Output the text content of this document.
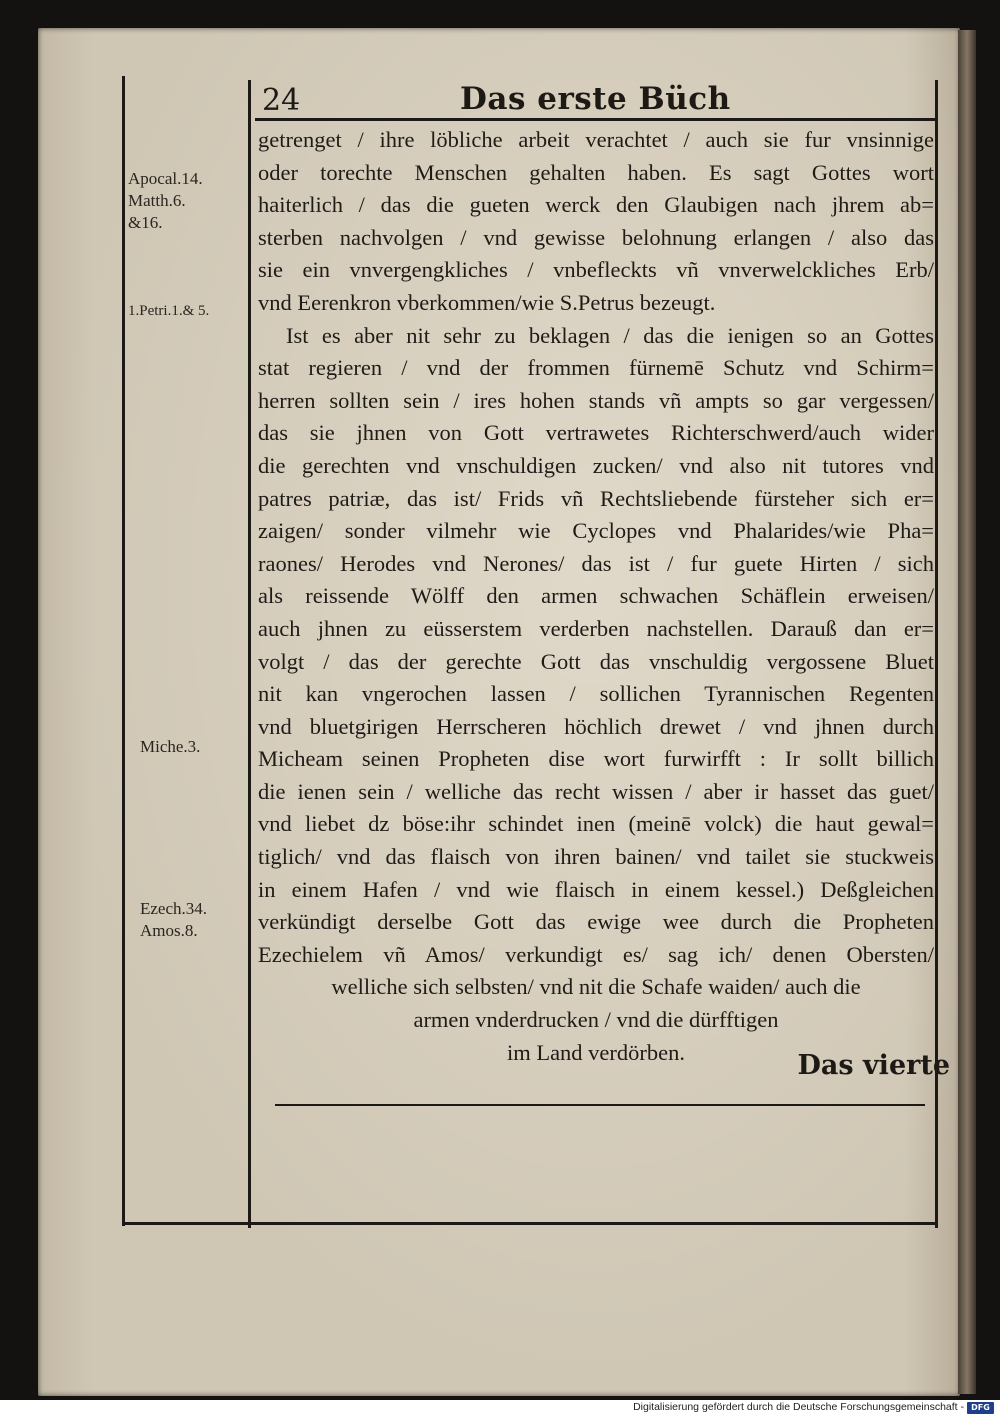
24	Das erste Büch
Apocal.14.
Matth.6.
&16.
1.Petri.1.& 5.
Miche.3.
Ezech.34.
Amos.8.
getrenget / ihre löbliche arbeit verachtet / auch sie fur vnsinnige
oder torechte Menschen gehalten haben. Es sagt Gottes wort
haiterlich / das die gueten werck den Glaubigen nach jhrem ab=
sterben nachvolgen / vnd gewisse belohnung erlangen / also das
sie ein vnvergengkliches / vnbefleckts vñ vnverwelckliches Erb/
vnd Eerenkron vberkommen/wie S.Petrus bezeugt.
Ist es aber nit sehr zu beklagen / das die ienigen so an Gottes
stat regieren / vnd der frommen fürnemē Schutz vnd Schirm=
herren sollten sein / ires hohen stands vñ ampts so gar vergessen/
das sie jhnen von Gott vertrawetes Richterschwerd/auch wider
die gerechten vnd vnschuldigen zucken/ vnd also nit tutores vnd
patres patriæ, das ist/ Frids vñ Rechtsliebende fürsteher sich er=
zaigen/ sonder vilmehr wie Cyclopes vnd Phalarides/wie Pha=
raones/ Herodes vnd Nerones/ das ist / fur guete Hirten / sich
als reissende Wölff den armen schwachen Schäflein erweisen/
auch jhnen zu eüsserstem verderben nachstellen. Darauß dan er=
volgt / das der gerechte Gott das vnschuldig vergossene Bluet
nit kan vngerochen lassen / sollichen Tyrannischen Regenten
vnd bluetgirigen Herrscheren höchlich drewet / vnd jhnen durch
Micheam seinen Propheten dise wort furwirfft : Ir sollt billich
die ienen sein / welliche das recht wissen / aber ir hasset das guet/
vnd liebet dz böse:ihr schindet inen (meinē volck) die haut gewal=
tiglich/ vnd das flaisch von ihren bainen/ vnd tailet sie stuckweis
in einem Hafen / vnd wie flaisch in einem kessel.) Deßgleichen
verkündigt derselbe Gott das ewige wee durch die Propheten
Ezechielem vñ Amos/ verkundigt es/ sag ich/ denen Obersten/
welliche sich selbsten/ vnd nit die Schafe waiden/ auch die
armen vnderdrucken / vnd die dürfftigen
im Land verdörben.	Das vierte
Digitalisierung gefördert durch die Deutsche Forschungsgemeinschaft - DFG
